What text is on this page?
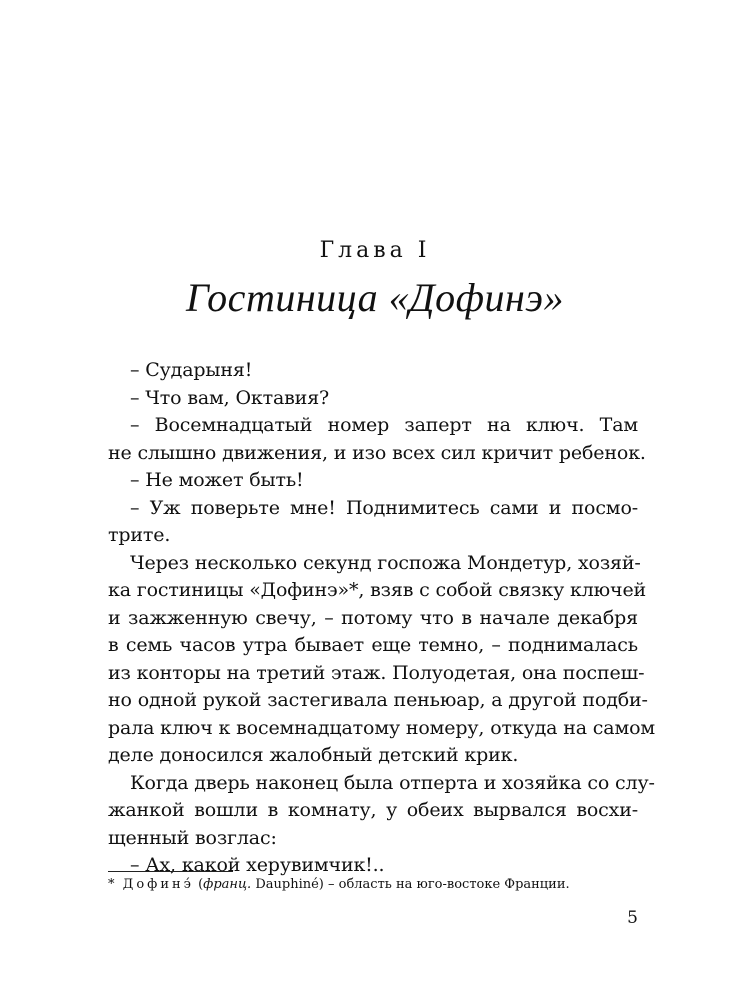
Глава I
Гостиница «Дофинэ»
– Сударыня!
– Что вам, Октавия?
– Восемнадцатый номер заперт на ключ. Там
не слышно движения, и изо всех сил кричит ребенок.
– Не может быть!
– Уж поверьте мне! Поднимитесь сами и посмо-
трите.
Через несколько секунд госпожа Мондетур, хозяй-
ка гостиницы «Дофинэ»*, взяв с собой связку ключей
и зажженную свечу, – потому что в начале декабря
в семь часов утра бывает еще темно, – поднималась
из конторы на третий этаж. Полуодетая, она поспеш-
но одной рукой застегивала пеньюар, а другой подби-
рала ключ к восемнадцатому номеру, откуда на самом
деле доносился жалобный детский крик.
Когда дверь наконец была отперта и хозяйка со слу-
жанкой вошли в комнату, у обеих вырвался восхи-
щенный возглас:
– Ах, какой херувимчик!..
* Дофинэ́ (франц. Dauphiné) – область на юго-востоке Франции.
5
